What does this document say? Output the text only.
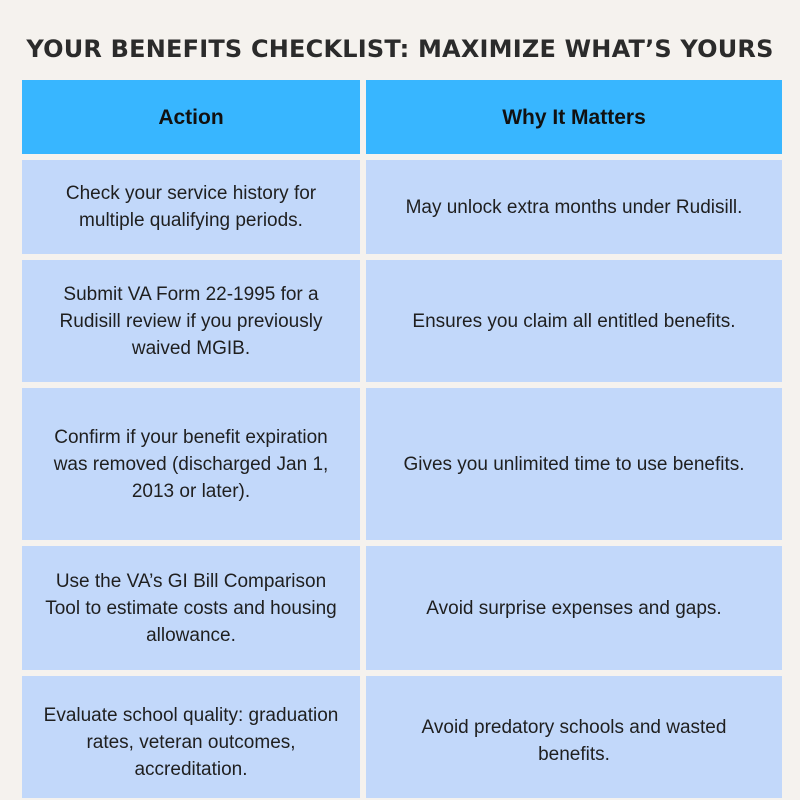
YOUR BENEFITS CHECKLIST: MAXIMIZE WHAT’S YOURS
Action	Why It Matters
Check your service history for multiple qualifying periods.
May unlock extra months under Rudisill.
Submit VA Form 22-1995 for a Rudisill review if you previously waived MGIB.
Ensures you claim all entitled benefits.
Confirm if your benefit expiration was removed (discharged Jan 1, 2013 or later).
Gives you unlimited time to use benefits.
Use the VA’s GI Bill Comparison Tool to estimate costs and housing allowance.
Avoid surprise expenses and gaps.
Evaluate school quality: graduation rates, veteran outcomes, accreditation.
Avoid predatory schools and wasted benefits.
